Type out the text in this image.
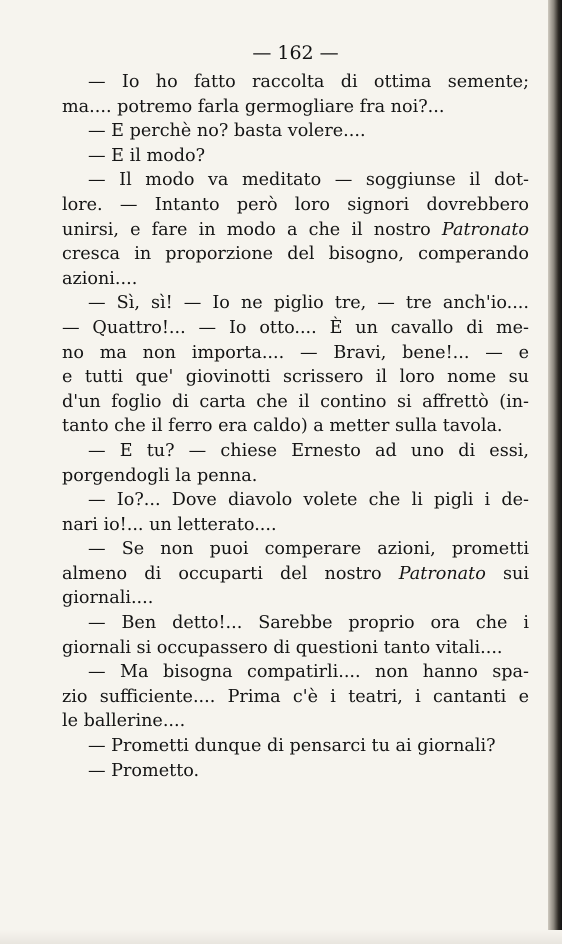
— 162 —
— Io ho fatto raccolta di ottima semente;
ma.... potremo farla germogliare fra noi?...
— E perchè no? basta volere....
— E il modo?
— Il modo va meditato — soggiunse il dot-
lore. — Intanto però loro signori dovrebbero
unirsi, e fare in modo a che il nostro Patronato
cresca in proporzione del bisogno, comperando
azioni....
— Sì, sì! — Io ne piglio tre, — tre anch'io....
— Quattro!... — Io otto.... È un cavallo di me-
no ma non importa.... — Bravi, bene!... — e
e tutti que' giovinotti scrissero il loro nome su
d'un foglio di carta che il contino si affrettò (in-
tanto che il ferro era caldo) a metter sulla tavola.
— E tu? — chiese Ernesto ad uno di essi,
porgendogli la penna.
— Io?... Dove diavolo volete che li pigli i de-
nari io!... un letterato....
— Se non puoi comperare azioni, prometti
almeno di occuparti del nostro Patronato sui
giornali....
— Ben detto!... Sarebbe proprio ora che i
giornali si occupassero di questioni tanto vitali....
— Ma bisogna compatirli.... non hanno spa-
zio sufficiente.... Prima c'è i teatri, i cantanti e
le ballerine....
— Prometti dunque di pensarci tu ai giornali?
— Prometto.
